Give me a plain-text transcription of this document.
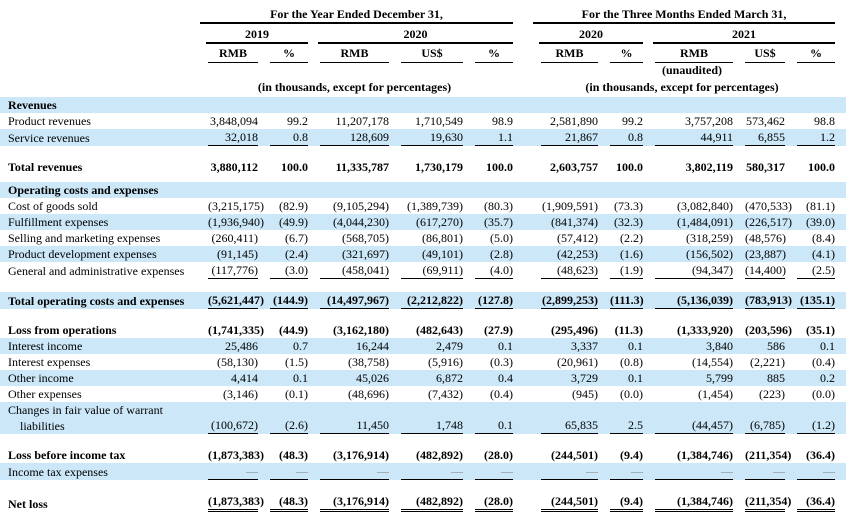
	For the Year Ended December 31,						For the Three Months Ended March 31,					

	2019		2020				2020		2021			

	RMB	%	RMB	US$	%		RMB	%	RMB	US$	%	

									(unaudited)			

	(in thousands, except for percentages)						(in thousands, except for percentages)					

Revenues												
Product revenues	3,848,094	99.2	11,207,178	1,710,549	98.9		2,581,890	99.2	3,757,208	573,462	98.8	

Service revenues	32,018	0.8	128,609	19,630	1.1		21,867	0.8	44,911	6,855	1.2	

Total revenues	3,880,112	100.0	11,335,787	1,730,179	100.0		2,603,757	100.0	3,802,119	580,317	100.0	

Operating costs and expenses												
Cost of goods sold	(3,215,175)	(82.9)	(9,105,294)	(1,389,739)	(80.3)		(1,909,591)	(73.3)	(3,082,840)	(470,533)	(81.1)	

Fulfillment expenses	(1,936,940)	(49.9)	(4,044,230)	(617,270)	(35.7)		(841,374)	(32.3)	(1,484,091)	(226,517)	(39.0)	

Selling and marketing expenses	(260,411)	(6.7)	(568,705)	(86,801)	(5.0)		(57,412)	(2.2)	(318,259)	(48,576)	(8.4)	

Product development expenses	(91,145)	(2.4)	(321,697)	(49,101)	(2.8)		(42,253)	(1.6)	(156,502)	(23,887)	(4.1)	

General and administrative expenses	(117,776)	(3.0)	(458,041)	(69,911)	(4.0)		(48,623)	(1.9)	(94,347)	(14,400)	(2.5)	

Total operating costs and expenses	(5,621,447)	(144.9)	(14,497,967)	(2,212,822)	(127.8)		(2,899,253)	(111.3)	(5,136,039)	(783,913)	(135.1)	

Loss from operations	(1,741,335)	(44.9)	(3,162,180)	(482,643)	(27.9)		(295,496)	(11.3)	(1,333,920)	(203,596)	(35.1)	

Interest income	25,486	0.7	16,244	2,479	0.1		3,337	0.1	3,840	586	0.1	

Interest expenses	(58,130)	(1.5)	(38,758)	(5,916)	(0.3)		(20,961)	(0.8)	(14,554)	(2,221)	(0.4)	

Other income	4,414	0.1	45,026	6,872	0.4		3,729	0.1	5,799	885	0.2	

Other expenses	(3,146)	(0.1)	(48,696)	(7,432)	(0.4)		(945)	(0.0)	(1,454)	(223)	(0.0)	

Changes in fair value of warrant
liabilities	(100,672)	(2.6)	11,450	1,748	0.1		65,835	2.5	(44,457)	(6,785)	(1.2)	

Loss before income tax	(1,873,383)	(48.3)	(3,176,914)	(482,892)	(28.0)		(244,501)	(9.4)	(1,384,746)	(211,354)	(36.4)	

Income tax expenses	—	—	—	—	—		—	—	—	—	—	

Net loss	(1,873,383)	(48.3)	(3,176,914)	(482,892)	(28.0)		(244,501)	(9.4)	(1,384,746)	(211,354)	(36.4)	
